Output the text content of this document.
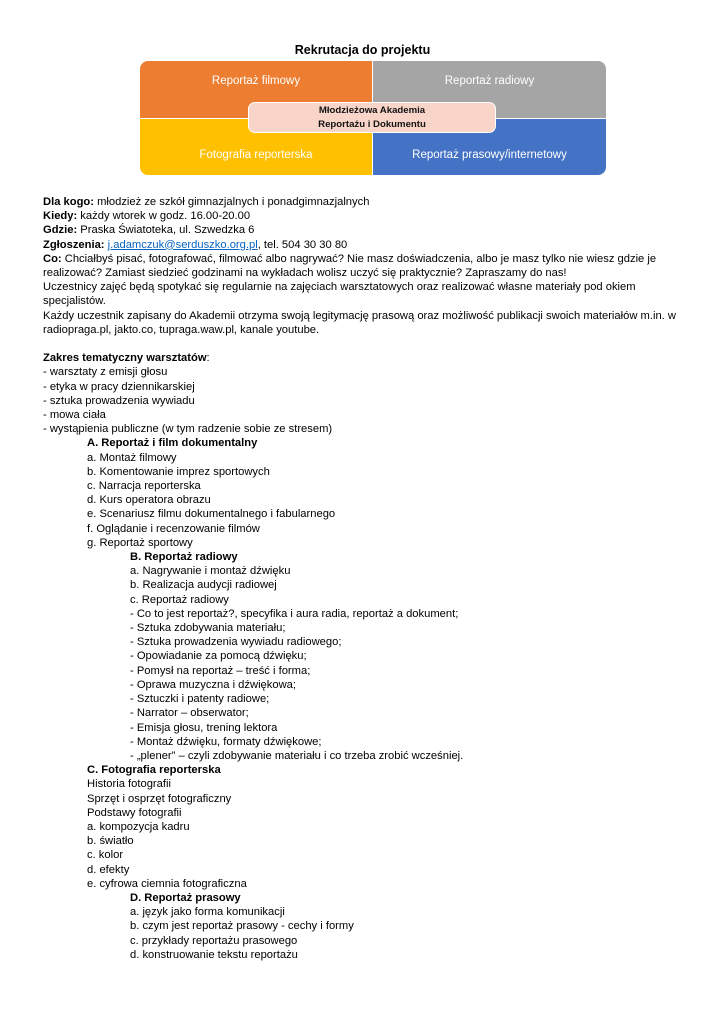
Rekrutacja do projektu
Reportaż filmowy	Reportaż radiowy
Fotografia reporterska	Reportaż prasowy/internetowy
Młodzieżowa Akademia
Reportażu i Dokumentu
Dla kogo: młodzież ze szkół gimnazjalnych i ponadgimnazjalnych
Kiedy: każdy wtorek w godz. 16.00-20.00
Gdzie: Praska Światoteka, ul. Szwedzka 6
Zgłoszenia: j.adamczuk@serduszko.org.pl, tel. 504 30 30 80
Co: Chciałbyś pisać, fotografować, filmować albo nagrywać? Nie masz doświadczenia, albo je masz tylko nie wiesz gdzie je realizować? Zamiast siedzieć godzinami na wykładach wolisz uczyć się praktycznie? Zapraszamy do nas!
Uczestnicy zajęć będą spotykać się regularnie na zajęciach warsztatowych oraz realizować własne materiały pod okiem specjalistów.
Każdy uczestnik zapisany do Akademii otrzyma swoją legitymację prasową oraz możliwość publikacji swoich materiałów m.in. w radiopraga.pl, jakto.co, tupraga.waw.pl, kanale youtube.
Zakres tematyczny warsztatów:
- warsztaty z emisji głosu
- etyka w pracy dziennikarskiej
- sztuka prowadzenia wywiadu
- mowa ciała
- wystąpienia publiczne (w tym radzenie sobie ze stresem)
A. Reportaż i film dokumentalny
a. Montaż filmowy
b. Komentowanie imprez sportowych
c. Narracja reporterska
d. Kurs operatora obrazu
e. Scenariusz filmu dokumentalnego i fabularnego
f. Oglądanie i recenzowanie filmów
g. Reportaż sportowy
B. Reportaż radiowy
a. Nagrywanie i montaż dźwięku
b. Realizacja audycji radiowej
c. Reportaż radiowy
- Co to jest reportaż?, specyfika i aura radia, reportaż a dokument;
- Sztuka zdobywania materiału;
- Sztuka prowadzenia wywiadu radiowego;
- Opowiadanie za pomocą dźwięku;
- Pomysł na reportaż – treść i forma;
- Oprawa muzyczna i dźwiękowa;
- Sztuczki i patenty radiowe;
- Narrator – obserwator;
- Emisja głosu, trening lektora
- Montaż dźwięku, formaty dźwiękowe;
- „plener” – czyli zdobywanie materiału i co trzeba zrobić wcześniej.
C. Fotografia reporterska
Historia fotografii
Sprzęt i osprzęt fotograficzny
Podstawy fotografii
a. kompozycja kadru
b. światło
c. kolor
d. efekty
e. cyfrowa ciemnia fotograficzna
D. Reportaż prasowy
a. język jako forma komunikacji
b. czym jest reportaż prasowy - cechy i formy
c. przykłady reportażu prasowego
d. konstruowanie tekstu reportażu
